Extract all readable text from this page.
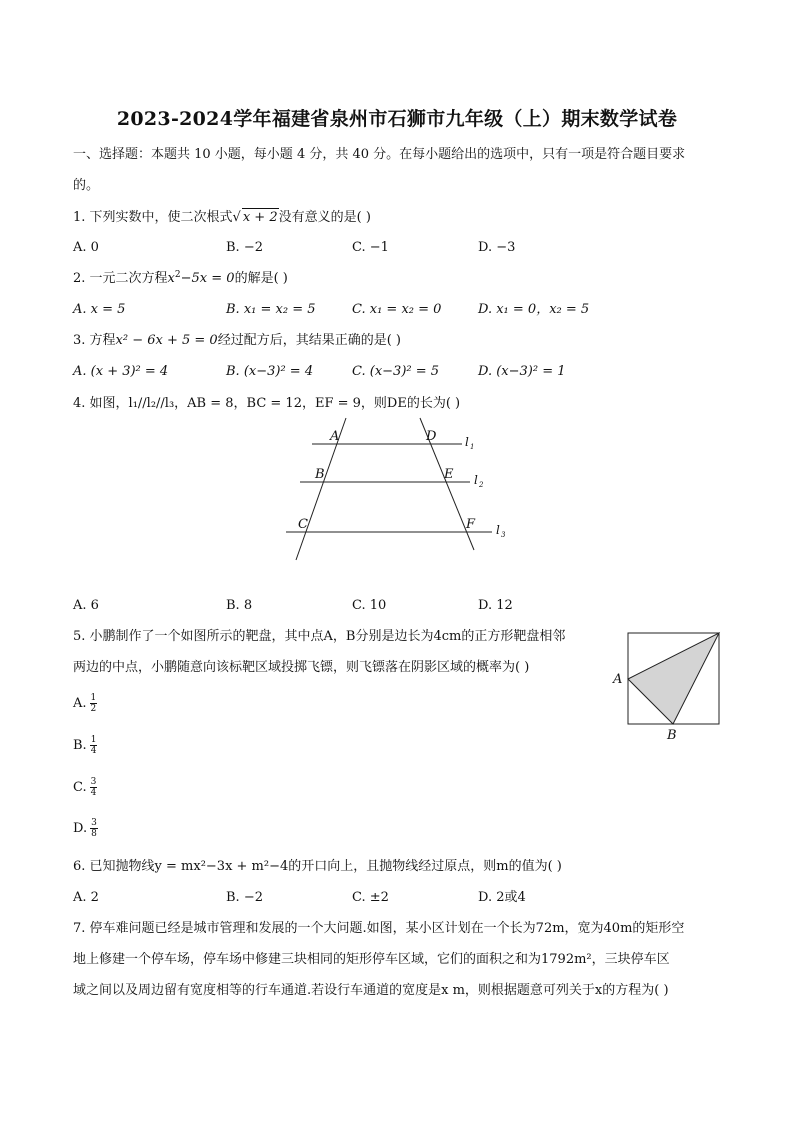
2023-2024学年福建省泉州市石狮市九年级（上）期末数学试卷
一、选择题：本题共 10 小题，每小题 4 分，共 40 分。在每小题给出的选项中，只有一项是符合题目要求
的。
1. 下列实数中，使二次根式√ x + 2没有意义的是( )
A. 0	B. −2	C. −1	D. −3
2. 一元二次方程$x^2-5x = 0$的解是( )
A. x = 5	B. x₁ = x₂ = 5	C. x₁ = x₂ = 0	D. x₁ = 0，x₂ = 5
3. 方程x² − 6x + 5 = 0经过配方后，其结果正确的是( )
A. (x + 3)² = 4	B. (x−3)² = 4	C. (x−3)² = 5	D. (x−3)² = 1
4. 如图，l₁//l₂//l₃，AB = 8，BC = 12，EF = 9，则DE的长为( )
A	D
B	E
C	F
l 1
l 2
l 3
A. 6	B. 8	C. 10	D. 12
5. 小鹏制作了一个如图所示的靶盘，其中点A，B分别是边长为4cm的正方形靶盘相邻
两边的中点，小鹏随意向该标靶区域投掷飞镖，则飞镖落在阴影区域的概率为( )
A
B
A. $\frac{1}{2}$
B. $\frac{1}{4}$
C. $\frac{3}{4}$
D. $\frac{3}{8}$
6. 已知抛物线y = mx²−3x + m²−4的开口向上，且抛物线经过原点，则m的值为( )
A. 2	B. −2	C. ±2	D. 2或4
7. 停车难问题已经是城市管理和发展的一个大问题.如图，某小区计划在一个长为72m，宽为40m的矩形空
地上修建一个停车场，停车场中修建三块相同的矩形停车区域，它们的面积之和为1792m²，三块停车区
域之间以及周边留有宽度相等的行车通道.若设行车通道的宽度是x m，则根据题意可列关于x的方程为( )
